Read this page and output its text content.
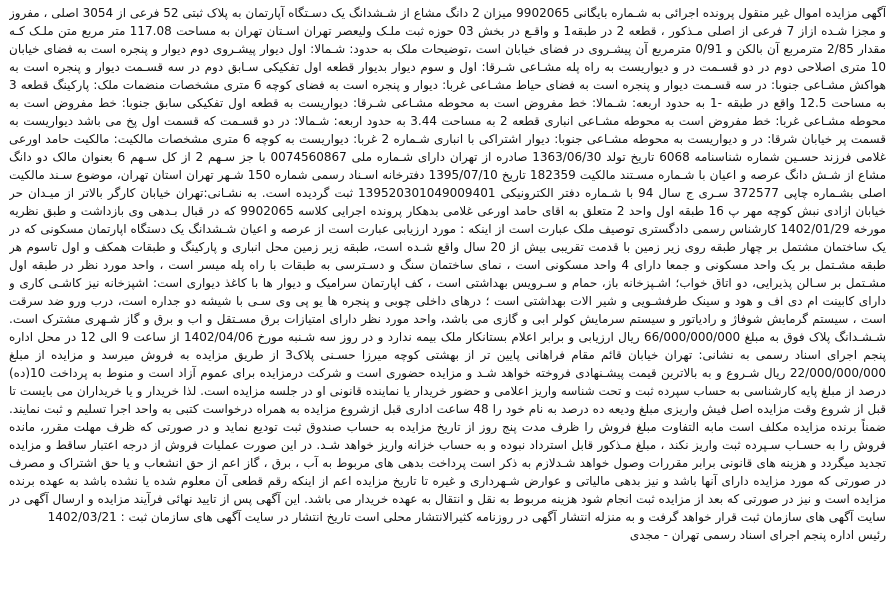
آگهی مزایده اموال غیر منقول پرونده اجرائی به شـماره بایگانی 9902065 میزان 2 دانگ مشاع از شـشدانگ یک دسـتگاه آپارتمان به پلاک ثبتی 52 فرعی از 3054 اصلی ، مفروز و مجزا شـده ازاز 7 فرعی از اصلی مـذکور ، قطعه 2 در طبقه1 و واقـع در بخش 03 حوزه ثبت ملـک ولیعصر تهران اسـتان تهران به مساحت 117.08 متر مربع متن ملـک کـه مقدار 2/85 مترمربع آن بالکن و 0/91 مترمربع آن پیشـروی در فضای خیابان است ،توضیحات ملک به حدود: شـمالا: اول دیوار پیشـروی دوم دیوار و پنجره است به فضای خیابان 10 متری اصلاحی دوم در دو قسـمت در و دیواریست به راه پله مشـاعی شـرقا: اول و سوم دیوار بدیوار قطعه اول تفکیکی سـابق دوم در سه قسـمت دیوار و پنجره است به هواکش مشـاعی جنوبا: در سه قسـمت دیوار و پنجره است به فضای حیاط مشـاعی غربا: دیوار و پنجره است به فضای کوچه 6 متری مشخصات منضمات ملک: پارکینگ قطعه 3 به مساحت 12.5 واقع در طبقه -1 به حدود اربعه: شـمالا: خط مفروض است به محوطه مشـاعی شـرقا: دیواریست به قطعه اول تفکیکی سابق جنوبا: خط مفروض است به محوطه مشـاعی غربا: خط مفروض است به محوطه مشـاعی انباری قطعه 2 به مساحت 3.44 به حدود اربعه: شـمالا: در دو قسـمت که قسمت اول پخ می باشد دیواریست به قسمت پر خیابان شرقا: در و دیواریست به محوطه مشـاعی جنوبا: دیوار اشتراکی با انباری شـماره 2 غربا: دیواریست به کوچه 6 متری مشخصات مالکیت: مالکیت حامد اورعی غلامی فرزند حسـین شماره شناسنامه 6068 تاریخ تولد 1363/06/30 صادره از تهران دارای شـماره ملی 0074560867 با جز سـهم 2 از کل سـهم 6 بعنوان مالک دو دانگ مشاع از شـش دانگ عرصه و اعیان با شـماره مسـتند مالکیت 182359 تاریخ 1395/07/10 دفترخانه اسـناد رسمی شماره 150 شـهر تهران استان تهران، موضوع سـند مالکیت اصلی بشـماره چاپی 372577 سـری ج سال 94 با شـماره دفتر الکترونیکی 139520301049009401 ثبت گردیده است. به نشـانی:تهران خیابان کارگر بالاتر از میـدان حر خیابان ازادی نبش کوچه مهر پ 16 طبقه اول واحد 2 متعلق به اقای حامد اورعی غلامی بدهکار پرونده اجرایی کلاسه 9902065 که در قبال بـدهی وی بازداشت و طبق نظریه مورخه 1402/01/29 کارشناس رسمی دادگستری توصیف ملک عبارت است از اینکه : مورد ارزیابی عبارت است از عرصه و اعیان شـشدانگ یک دستگاه اپارتمان مسکونی که در یک ساختمان مشتمل بر چهار طبقه روی زیر زمین با قدمت تقریبی بیش از 20 سال واقع شـده است، طبقه زیر زمین محل انباری و پارکینگ و طبقات همکف و اول تاسوم هر طبقه مشـتمل بر یک واحد مسکونی و جمعا دارای 4 واحد مسکونی است ، نمای ساختمان سنگ و دسـترسی به طبقات با راه پله میسر است ، واحد مورد نظر در طبقه اول مشـتمل بر سـالن پذیرایی، دو اتاق خواب؛ اشـپزخانه باز، حمام و سـرویس بهداشتی است ، کف اپارتمان سرامیک و دیوار ها با کاغذ دیواری است: اشپزخانه نیز کاشـی کاری و دارای کابینت ام دی اف و هود و سینک طرفشـویی و شیر الات بهداشتی است ؛ درهای داخلی چوبی و پنجره ها یو پی وی سـی با شیشه دو جداره است، درب ورو ضد سرقت است ، سیستم گرمایش شوفاژ و رادیاتور و سیستم سرمایش کولر ابی و گازی می باشد، واحد مورد نظر دارای امتیازات برق مسـتقل و اب و برق و گاز شـهری مشترک است. شـشـدانگ پلاک فوق به مبلغ 66/000/000/000 ریال ارزیابی و برابر اعلام بستانکار ملک بیمه ندارد و در روز سه شـنبه مورخ 1402/04/06 از ساعت 9 الی 12 در محل اداره پنجم اجرای اسناد رسمی به نشانی: تهران خیابان قائم مقام فراهانی پایین تر از بهشتی کوچه میرزا حسـنی پلاک3 از طریق مزایده به فروش میرسد و مزایده از مبلغ 22/000/000/000 ریال شـروع و به بالاترین قیمت پیشـنهادی فروخته خواهد شـد و مزایده حضوری است و شرکت درمزایده برای عموم آزاد است و منوط به پرداخت 10(ده) درصد از مبلغ پایه کارشناسی به حساب سپرده ثبت و تحت شناسه واریز اعلامی و حضور خریدار یا نماینده قانونی او در جلسه مزایده است. لذا خریدار و یا خریداران می بایست تا قبل از شروع وقت مزایده اصل فیش واریزی مبلغ ودیعه ده درصد به نام خود را 48 ساعت اداری قبل ازشروع مزایده به همراه درخواست کتبی به واحد اجرا تسلیم و ثبت نمایند. ضمناً برنده مزایده مکلف است مابه التفاوت مبلغ فروش را ظرف مدت پنج روز از تاریخ مزایده به حساب صندوق ثبت تودیع نماید و در صورتی که ظرف مهلت مقرر، مانده فروش را به حسـاب سـپرده ثبت واریز نکند ، مبلغ مـذکور قابل استرداد نبوده و به حساب خزانه واریز خواهد شـد. در این صورت عملیات فروش از درجه اعتبار ساقط و مزایده تجدید میگردد و هزینه های قانونی برابر مقررات وصول خواهد شـدلازم به ذکر است پرداخت بدهی های مربوط به آب ، برق ، گاز اعم از حق انشعاب و یا حق اشتراک و مصرف در صورتی که مورد مزایده دارای آنها باشد و نیز بدهی مالیاتی و عوارض شـهرداری و غیره تا تاریخ مزایده اعم از اینکه رقم قطعی آن معلوم شده یا نشده باشد به عهده برنده مزایده است و نیز در صورتی که بعد از مزایده ثبت انجام شود هزینه مربوط به نقل و انتقال به عهده خریدار می باشد. این آگهی پس از تایید نهائی فرآیند مزایده و ارسال آگهی در سایت آگهی های سازمان ثبت قرار خواهد گرفت و به منزله انتشار آگهی در روزنامه کثیرالانتشار محلی است تاریخ انتشار در سایت آگهی های سازمان ثبت : 1402/03/21

رئیس اداره پنجم اجرای اسناد رسمی تهران - مجدی
